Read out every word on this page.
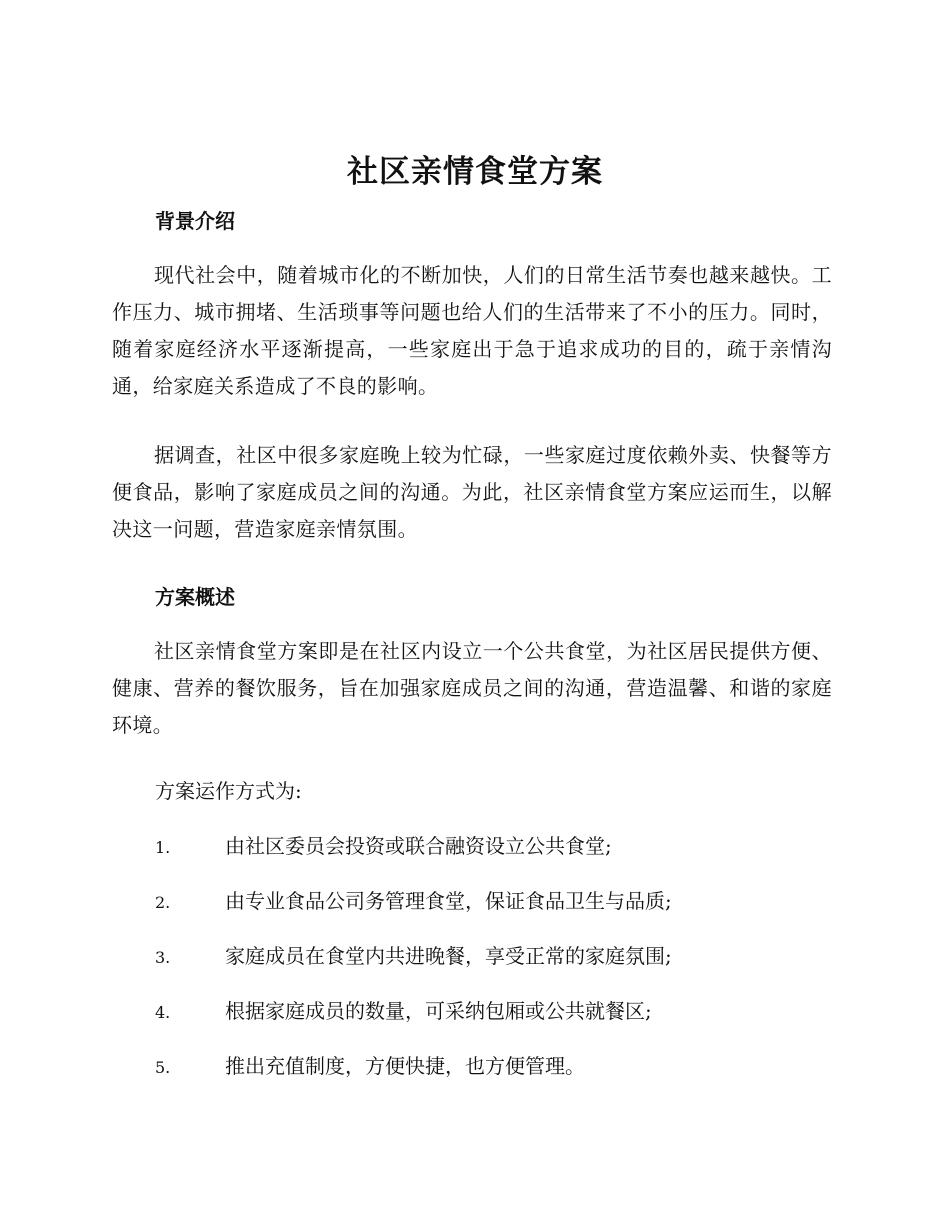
社区亲情食堂方案
背景介绍
现代社会中，随着城市化的不断加快，人们的日常生活节奏也越来越快。工作压力、城市拥堵、生活琐事等问题也给人们的生活带来了不小的压力。同时，随着家庭经济水平逐渐提高，一些家庭出于急于追求成功的目的，疏于亲情沟通，给家庭关系造成了不良的影响。
据调查，社区中很多家庭晚上较为忙碌，一些家庭过度依赖外卖、快餐等方便食品，影响了家庭成员之间的沟通。为此，社区亲情食堂方案应运而生，以解决这一问题，营造家庭亲情氛围。
方案概述
社区亲情食堂方案即是在社区内设立一个公共食堂，为社区居民提供方便、健康、营养的餐饮服务，旨在加强家庭成员之间的沟通，营造温馨、和谐的家庭环境。
方案运作方式为:
1.	由社区委员会投资或联合融资设立公共食堂;
2.	由专业食品公司务管理食堂，保证食品卫生与品质;
3.	家庭成员在食堂内共进晚餐，享受正常的家庭氛围;
4.	根据家庭成员的数量，可采纳包厢或公共就餐区;
5.	推出充值制度，方便快捷，也方便管理。
